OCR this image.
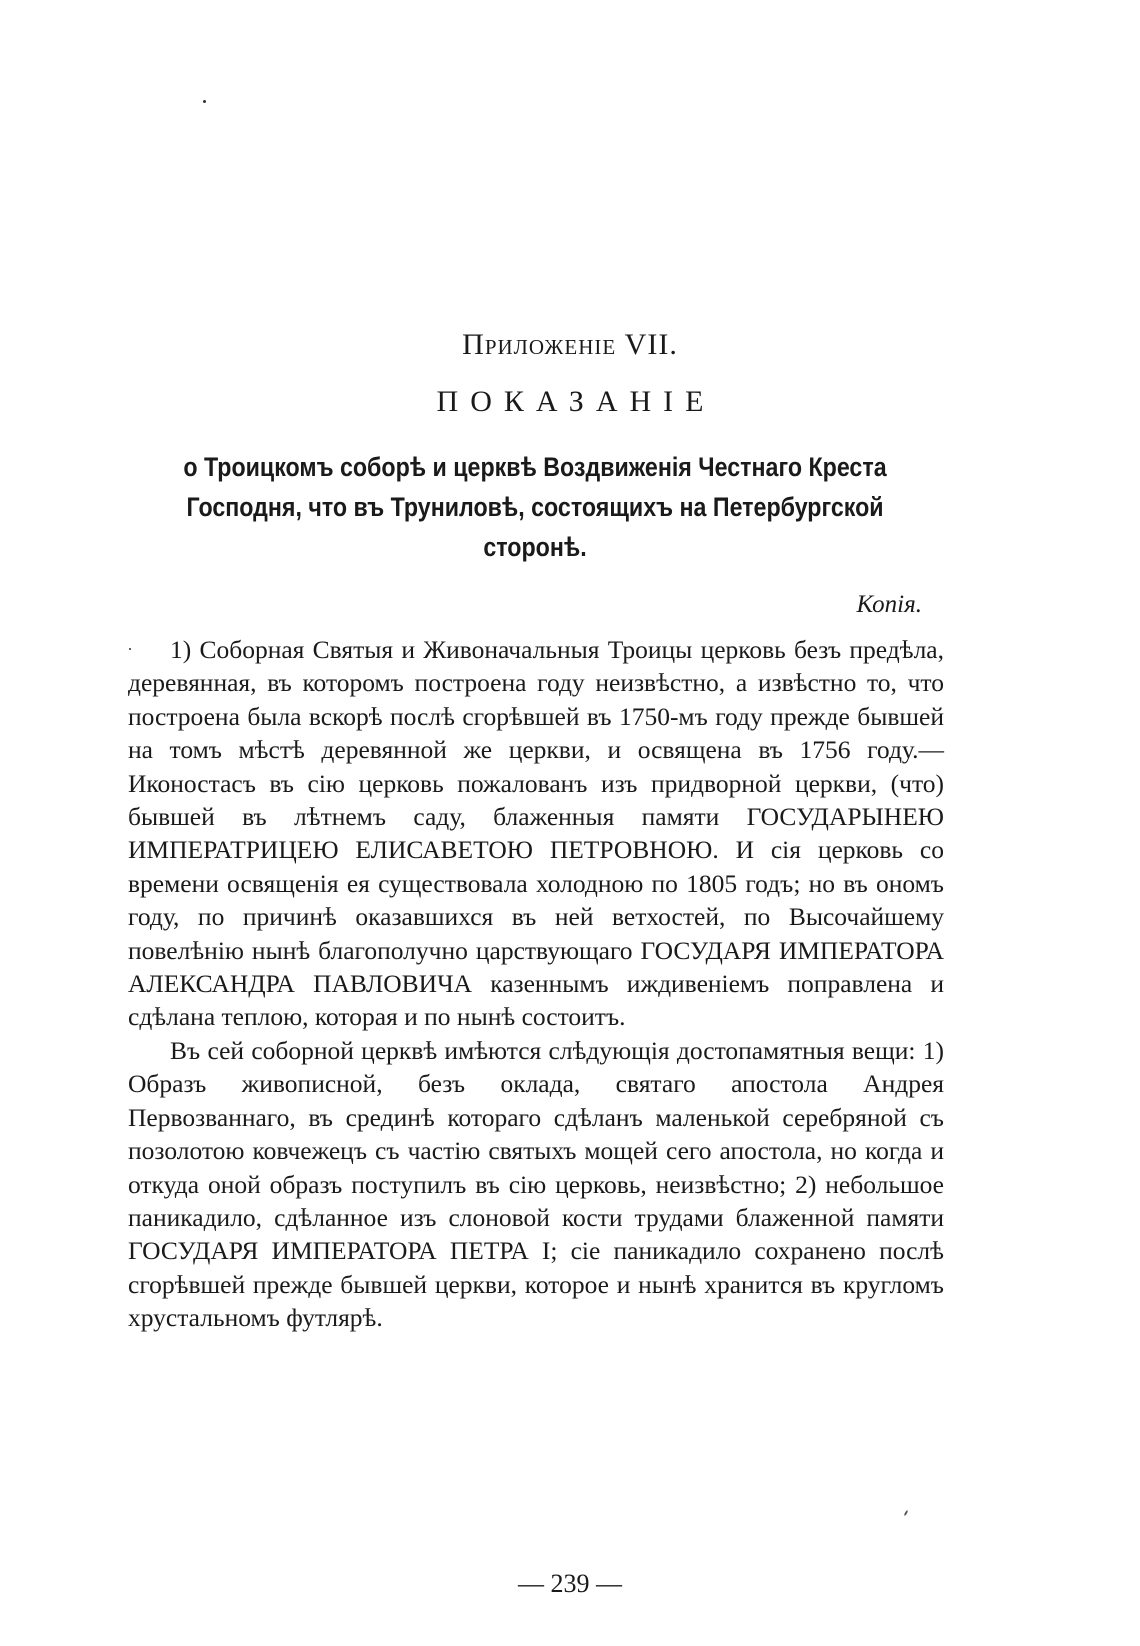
Приложеніе VII.
ПОКАЗАНІЕ
о Троицкомъ соборѣ и церквѣ Воздвиженія Честнаго Креста Господня, что въ Труниловѣ, состоящихъ на Петербургской сторонѣ.
Копія.

1) Соборная Святыя и Живоначальныя Троицы церковь безъ предѣла, деревянная, въ которомъ построена году неизвѣстно, а извѣстно то, что построена была вскорѣ послѣ сгорѣвшей въ 1750-мъ году прежде бывшей на томъ мѣстѣ деревянной же церкви, и освящена въ 1756 году.—Иконостасъ въ сію церковь пожалованъ изъ придворной церкви, (что) бывшей въ лѣтнемъ саду, блаженныя памяти ГОСУДАРЫНЕЮ ИМПЕРАТРИЦЕЮ ЕЛИСАВЕТОЮ ПЕТРОВНОЮ. И сія церковь со времени освященія ея существовала холодною по 1805 годъ; но въ ономъ году, по причинѣ оказавшихся въ ней ветхостей, по Высочайшему повелѣнію нынѣ благополучно царствующаго ГОСУДАРЯ ИМПЕРАТОРА АЛЕКСАНДРА ПАВЛОВИЧА казеннымъ иждивеніемъ поправлена и сдѣлана теплою, которая и по нынѣ состоитъ.

Въ сей соборной церквѣ имѣются слѣдующія достопамятныя вещи: 1) Образъ живописной, безъ оклада, святаго апостола Андрея Первозваннаго, въ срединѣ котораго сдѣланъ маленькой серебряной съ позолотою ковчежецъ съ частію святыхъ мощей сего апостола, но когда и откуда оной образъ поступилъ въ сію церковь, неизвѣстно; 2) небольшое паникадило, сдѣланное изъ слоновой кости трудами блаженной памяти ГОСУДАРЯ ИМПЕРАТОРА ПЕТРА I; сіе паникадило сохранено послѣ сгорѣвшей прежде бывшей церкви, которое и нынѣ хранится въ кругломъ хрустальномъ футлярѣ.

— 239 —
